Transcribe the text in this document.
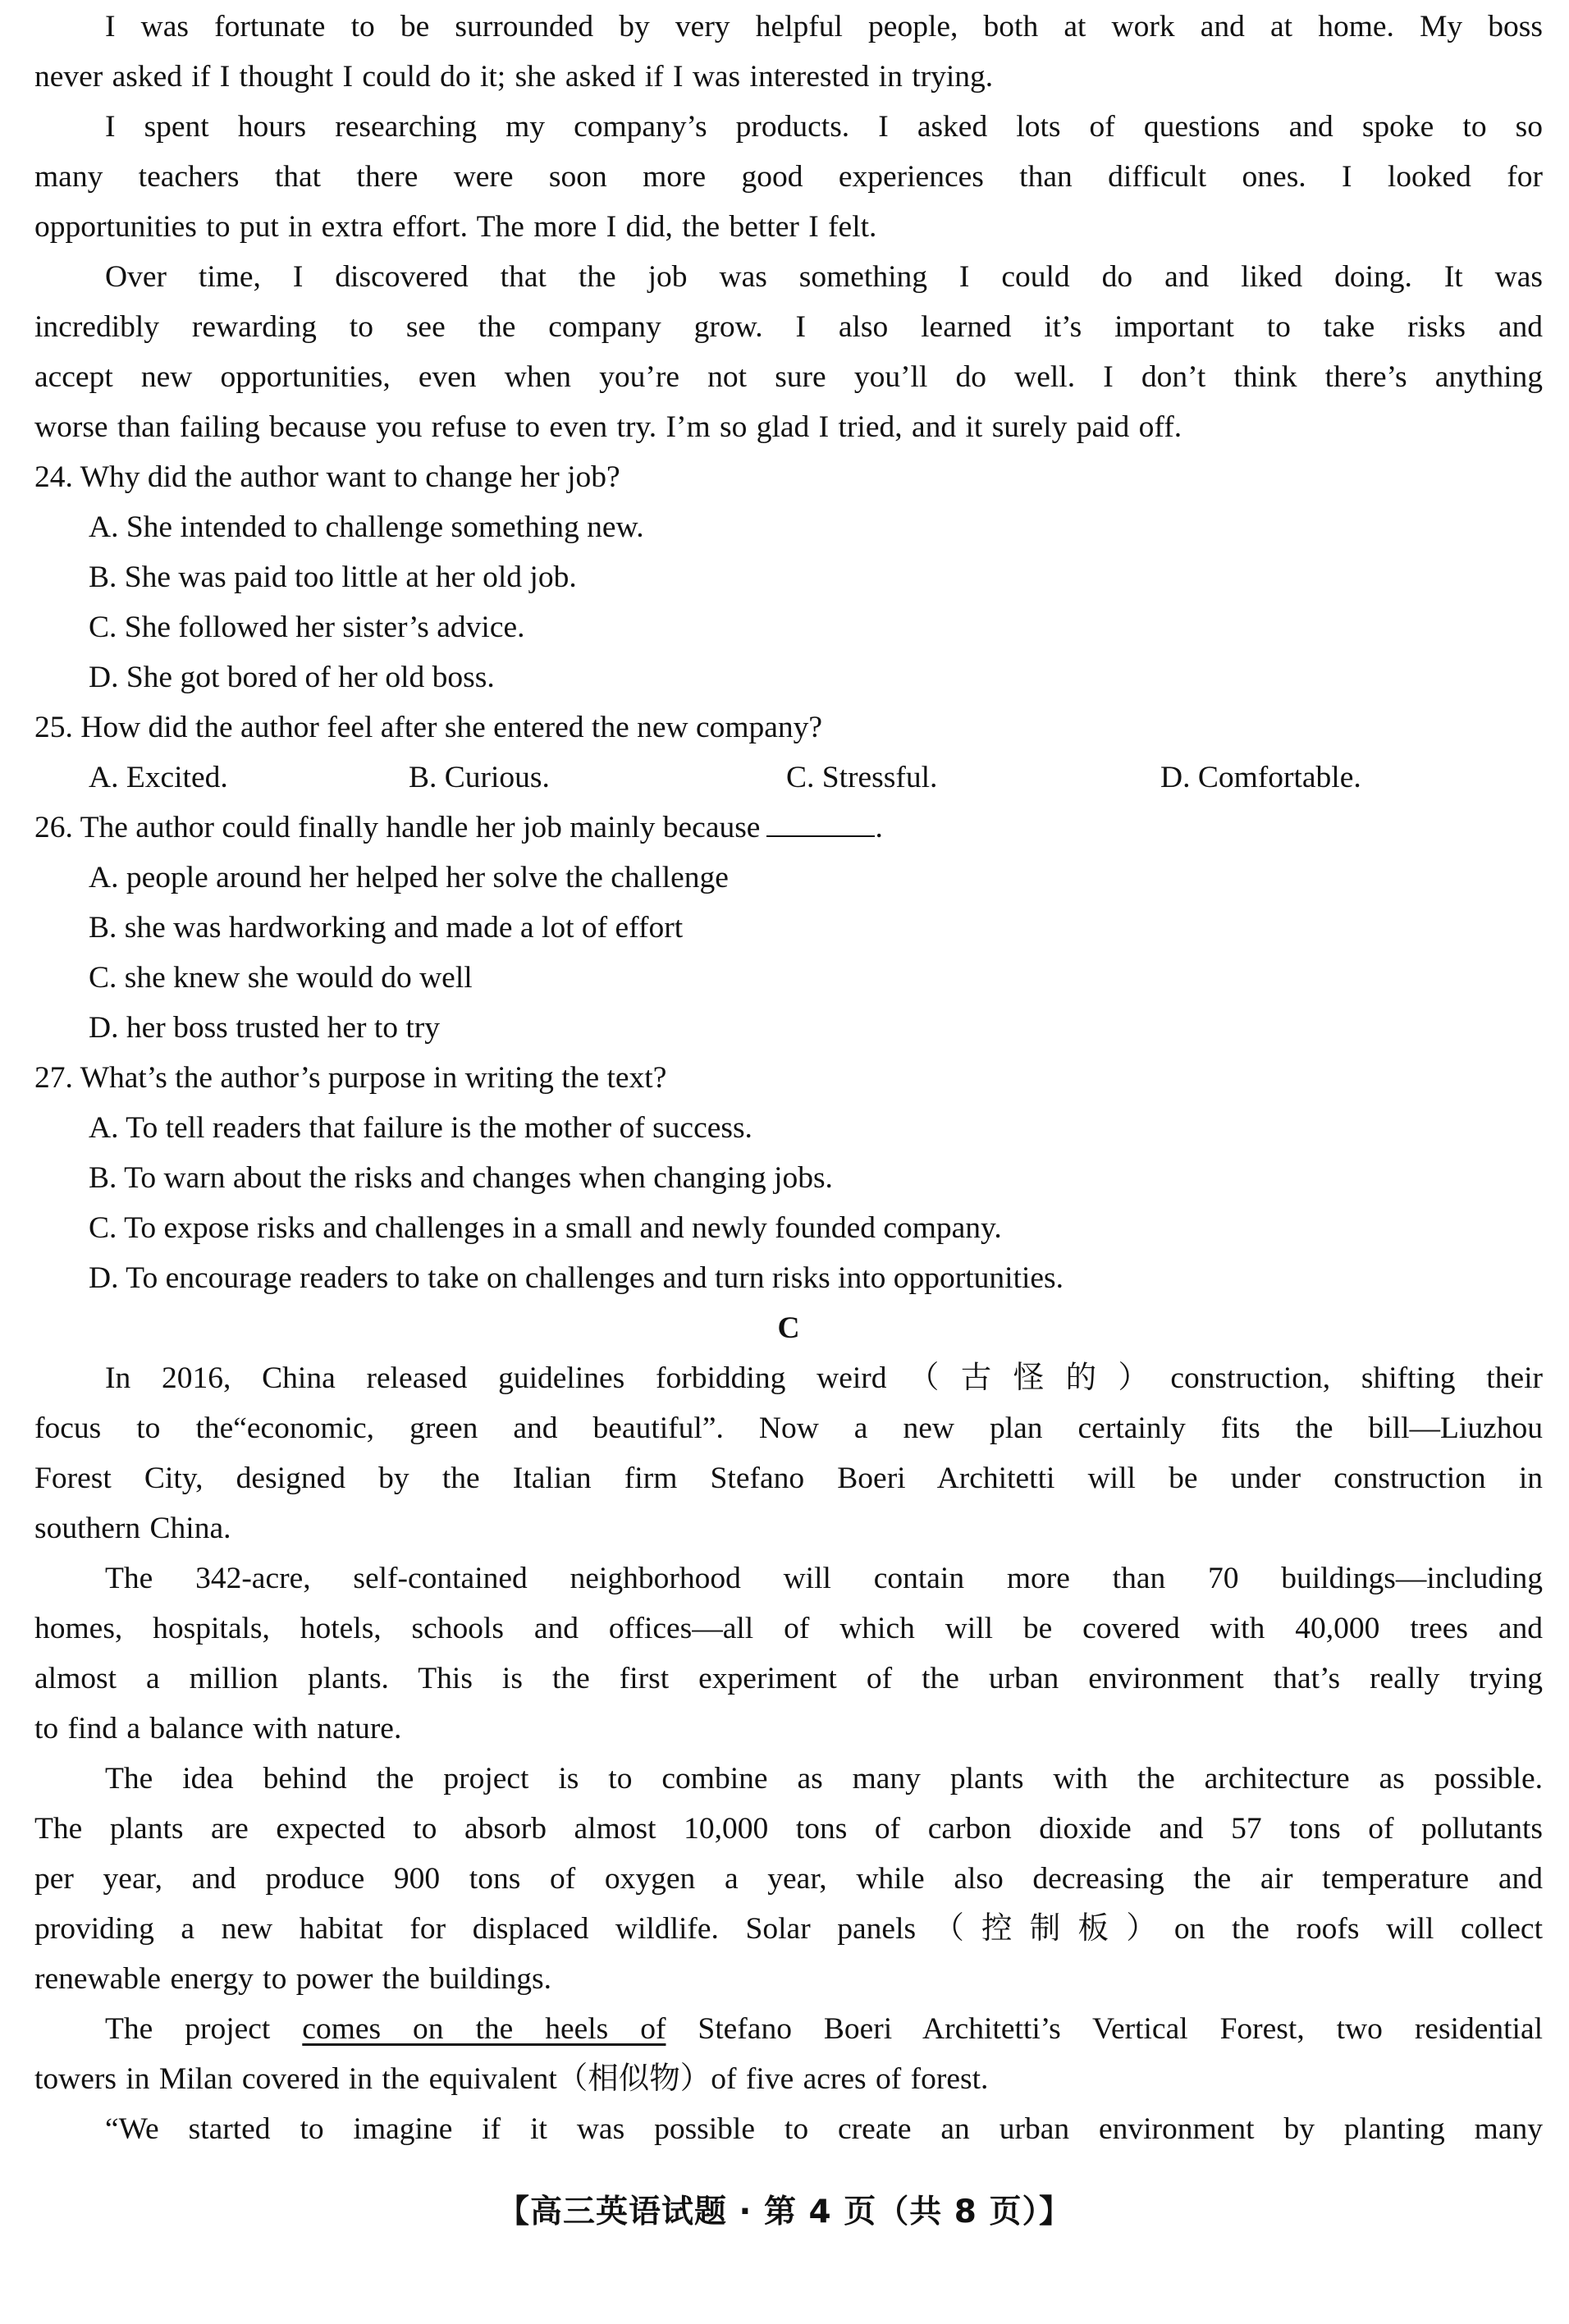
I was fortunate to be surrounded by very helpful people, both at work and at home. My boss

never asked if I thought I could do it; she asked if I was interested in trying.

I spent hours researching my company’s products. I asked lots of questions and spoke to so

many teachers that there were soon more good experiences than difficult ones. I looked for

opportunities to put in extra effort. The more I did, the better I felt.

Over time, I discovered that the job was something I could do and liked doing. It was

incredibly rewarding to see the company grow. I also learned it’s important to take risks and

accept new opportunities, even when you’re not sure you’ll do well. I don’t think there’s anything

worse than failing because you refuse to even try. I’m so glad I tried, and it surely paid off.

24. Why did the author want to change her job?

A. She intended to challenge something new.

B. She was paid too little at her old job.

C. She followed her sister’s advice.

D. She got bored of her old boss.

25. How did the author feel after she entered the new company?

A. Excited.	B. Curious.	C. Stressful.	D. Comfortable.

26. The author could finally handle her job mainly because	.

A. people around her helped her solve the challenge

B. she was hardworking and made a lot of effort

C. she knew she would do well

D. her boss trusted her to try

27. What’s the author’s purpose in writing the text?

A. To tell readers that failure is the mother of success.

B. To warn about the risks and changes when changing jobs.

C. To expose risks and challenges in a small and newly founded company.

D. To encourage readers to take on challenges and turn risks into opportunities.

C

In 2016, China released guidelines forbidding weird（古怪的）construction, shifting their

focus to the“economic, green and beautiful”. Now a new plan certainly fits the bill—Liuzhou

Forest City, designed by the Italian firm Stefano Boeri Architetti will be under construction in

southern China.

The 342-acre, self-contained neighborhood will contain more than 70 buildings—including

homes, hospitals, hotels, schools and offices—all of which will be covered with 40,000 trees and

almost a million plants. This is the first experiment of the urban environment that’s really trying

to find a balance with nature.

The idea behind the project is to combine as many plants with the architecture as possible.

The plants are expected to absorb almost 10,000 tons of carbon dioxide and 57 tons of pollutants

per year, and produce 900 tons of oxygen a year, while also decreasing the air temperature and

providing a new habitat for displaced wildlife. Solar panels（控制板）on the roofs will collect

renewable energy to power the buildings.

The project comes on the heels of Stefano Boeri Architetti’s Vertical Forest, two residential

towers in Milan covered in the equivalent（相似物）of five acres of forest.

“We started to imagine if it was possible to create an urban environment by planting many

【高三英语试题 · 第 4 页（共 8 页）】
